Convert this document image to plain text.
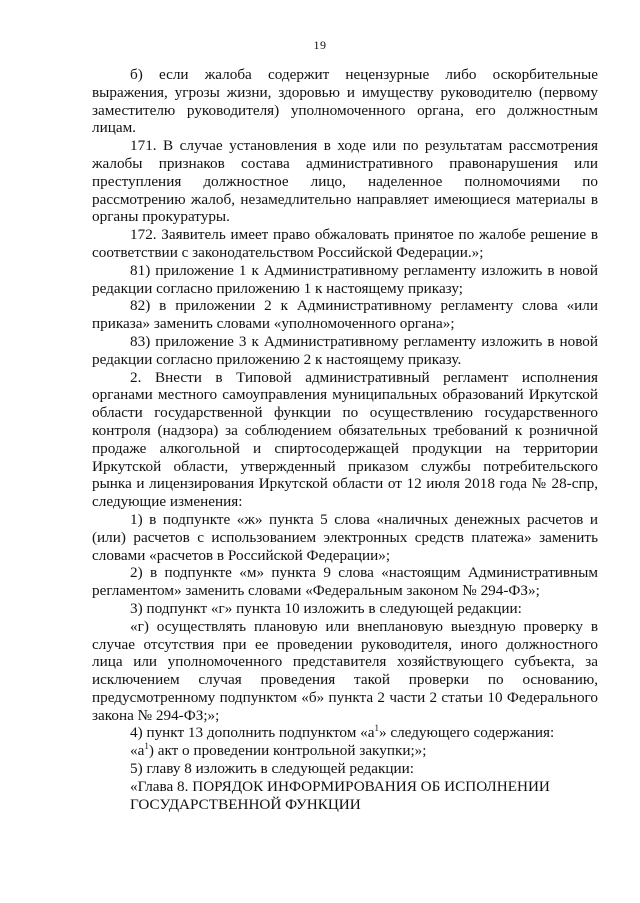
19

б) если жалоба содержит нецензурные либо оскорбительные выражения, угрозы жизни, здоровью и имуществу руководителю (первому заместителю руководителя) уполномоченного органа, его должностным лицам.

171. В случае установления в ходе или по результатам рассмотрения жалобы признаков состава административного правонарушения или преступления должностное лицо, наделенное полномочиями по рассмотрению жалоб, незамедлительно направляет имеющиеся материалы в органы прокуратуры.

172. Заявитель имеет право обжаловать принятое по жалобе решение в соответствии с законодательством Российской Федерации.»;

81) приложение 1 к Административному регламенту изложить в новой редакции согласно приложению 1 к настоящему приказу;

82) в приложении 2 к Административному регламенту слова «или приказа» заменить словами «уполномоченного органа»;

83) приложение 3 к Административному регламенту изложить в новой редакции согласно приложению 2 к настоящему приказу.

2. Внести в Типовой административный регламент исполнения органами местного самоуправления муниципальных образований Иркутской области государственной функции по осуществлению государственного контроля (надзора) за соблюдением обязательных требований к розничной продаже алкогольной и спиртосодержащей продукции на территории Иркутской области, утвержденный приказом службы потребительского рынка и лицензирования Иркутской области от 12 июля 2018 года № 28-спр, следующие изменения:

1) в подпункте «ж» пункта 5 слова «наличных денежных расчетов и (или) расчетов с использованием электронных средств платежа» заменить словами «расчетов в Российской Федерации»;

2) в подпункте «м» пункта 9 слова «настоящим Административным регламентом» заменить словами «Федеральным законом № 294-ФЗ»;

3) подпункт «г» пункта 10 изложить в следующей редакции:

«г) осуществлять плановую или внеплановую выездную проверку в случае отсутствия при ее проведении руководителя, иного должностного лица или уполномоченного представителя хозяйствующего субъекта, за исключением случая проведения такой проверки по основанию, предусмотренному подпунктом «б» пункта 2 части 2 статьи 10 Федерального закона № 294-ФЗ;»;

4) пункт 13 дополнить подпунктом «$а^1$» следующего содержания:

«$а^1$) акт о проведении контрольной закупки;»;

5) главу 8 изложить в следующей редакции:

«Глава 8. ПОРЯДОК ИНФОРМИРОВАНИЯ ОБ ИСПОЛНЕНИИ

ГОСУДАРСТВЕННОЙ ФУНКЦИИ
